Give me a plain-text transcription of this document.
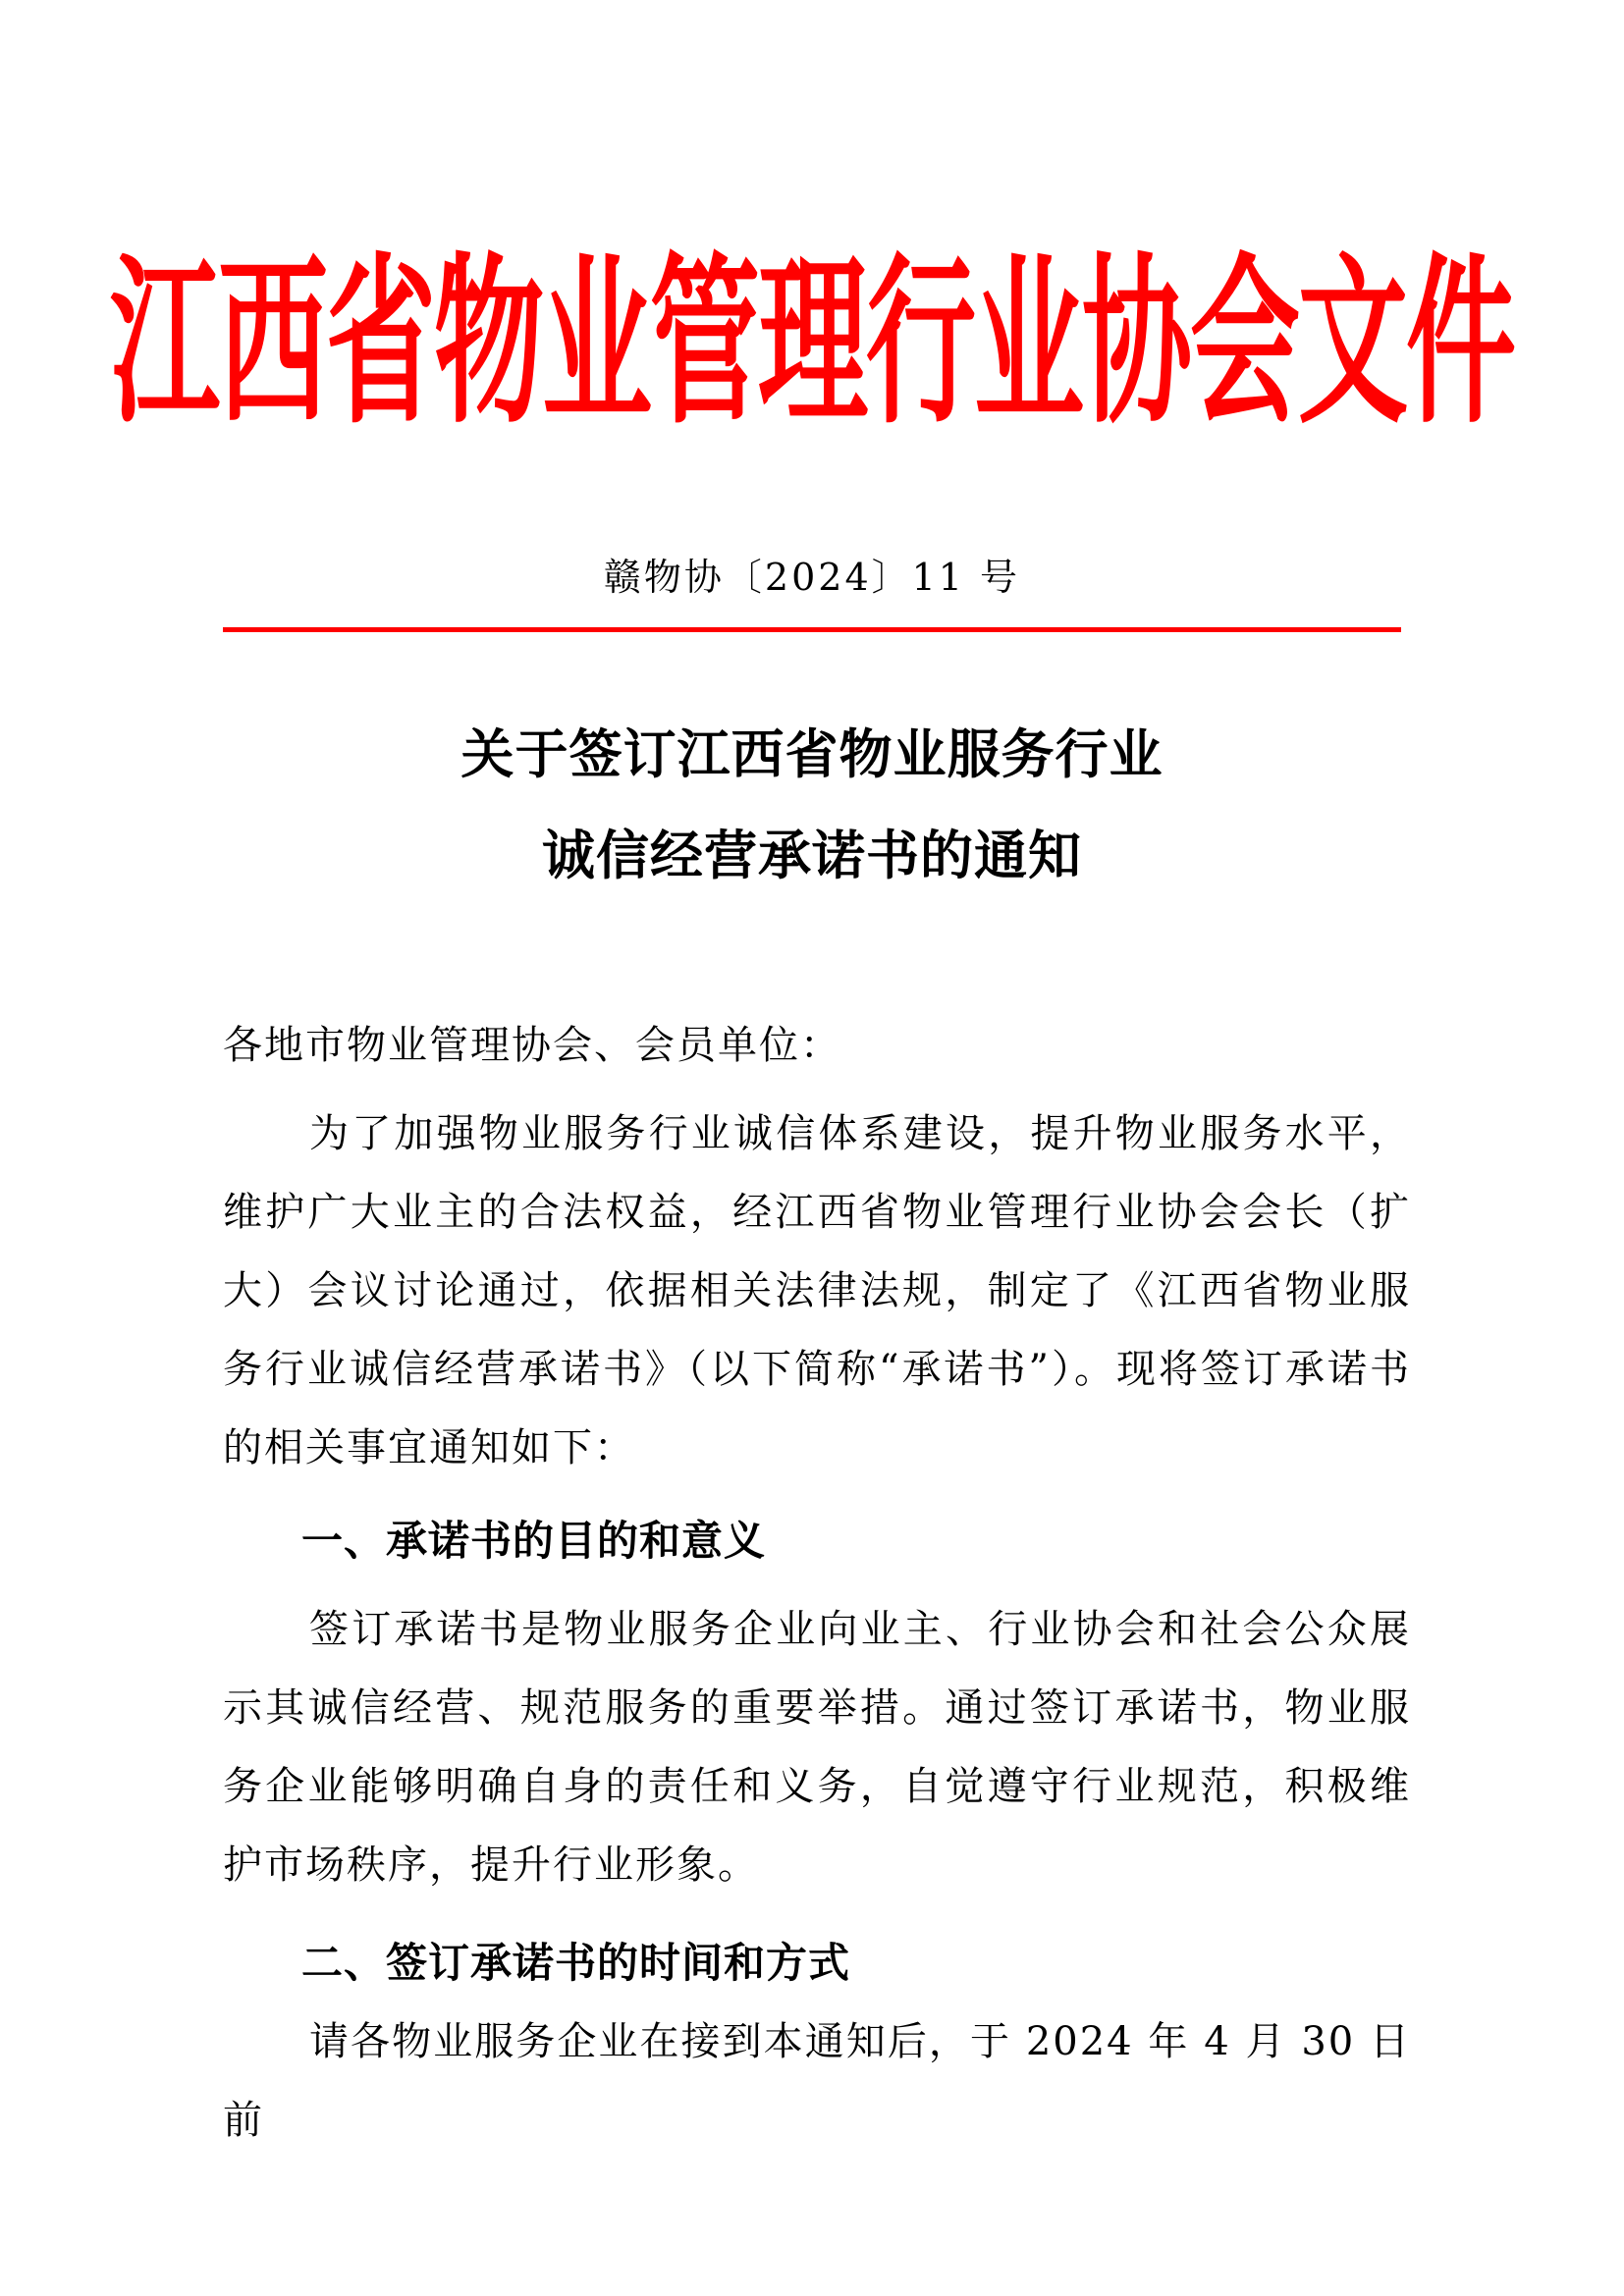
江西省物业管理行业协会文件
赣物协〔2024〕11 号
关于签订江西省物业服务行业
诚信经营承诺书的通知
各地市物业管理协会、会员单位：
为了加强物业服务行业诚信体系建设，提升物业服务水平，维护广大业主的合法权益，经江西省物业管理行业协会会长（扩大）会议讨论通过，依据相关法律法规，制定了《江西省物业服务行业诚信经营承诺书》（以下简称“承诺书”）。现将签订承诺书的相关事宜通知如下：
一、承诺书的目的和意义
签订承诺书是物业服务企业向业主、行业协会和社会公众展示其诚信经营、规范服务的重要举措。通过签订承诺书，物业服务企业能够明确自身的责任和义务，自觉遵守行业规范，积极维护市场秩序，提升行业形象。
二、签订承诺书的时间和方式
请各物业服务企业在接到本通知后，于 2024 年 4 月 30 日前
